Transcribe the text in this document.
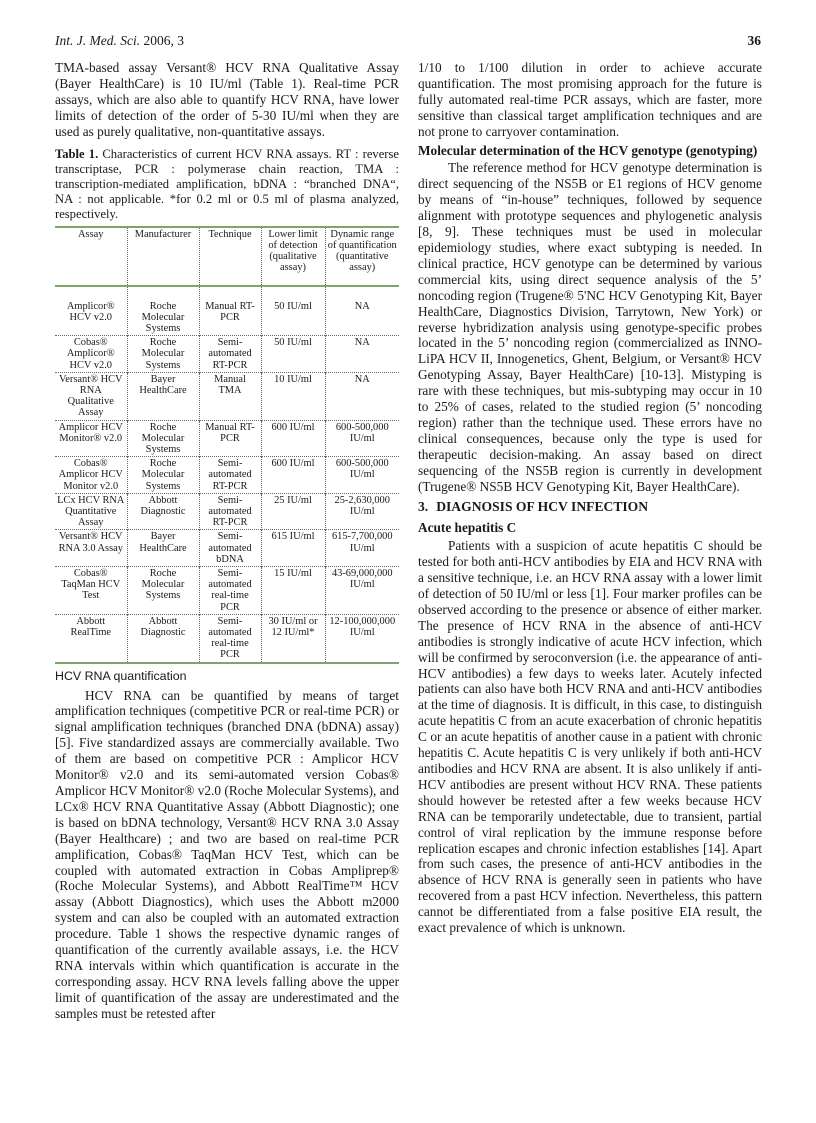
Int. J. Med. Sci. 2006, 3	36

TMA-based assay Versant® HCV RNA Qualitative Assay (Bayer HealthCare) is 10 IU/ml (Table 1). Real-time PCR assays, which are also able to quantify HCV RNA, have lower limits of detection of the order of 5-30 IU/ml when they are used as purely qualitative, non-quantitative assays.

Table 1. Characteristics of current HCV RNA assays. RT : reverse transcriptase, PCR : polymerase chain reaction, TMA : transcription-mediated amplification, bDNA : “branched DNA“, NA : not applicable. *for 0.2 ml or 0.5 ml of plasma analyzed, respectively.

Assay	Manufacturer	Technique	Lower limit of detection (qualitative assay)	Dynamic range of quantification (quantitative assay)
Amplicor® HCV v2.0	Roche Molecular Systems	Manual RT-PCR	50 IU/ml	NA
Cobas® Amplicor® HCV v2.0	Roche Molecular Systems	Semi-automated RT-PCR	50 IU/ml	NA
Versant® HCV RNA Qualitative Assay	Bayer HealthCare	Manual TMA	10 IU/ml	NA
Amplicor HCV Monitor® v2.0	Roche Molecular Systems	Manual RT-PCR	600 IU/ml	600-500,000 IU/ml
Cobas® Amplicor HCV Monitor v2.0	Roche Molecular Systems	Semi-automated RT-PCR	600 IU/ml	600-500,000 IU/ml
LCx HCV RNA Quantitative Assay	Abbott Diagnostic	Semi-automated RT-PCR	25 IU/ml	25-2,630,000 IU/ml
Versant® HCV RNA 3.0 Assay	Bayer HealthCare	Semi-automated bDNA	615 IU/ml	615-7,700,000 IU/ml
Cobas® TaqMan HCV Test	Roche Molecular Systems	Semi-automated real-time PCR	15 IU/ml	43-69,000,000 IU/ml
Abbott RealTime	Abbott Diagnostic	Semi-automated real-time PCR	30 IU/ml or 12 IU/ml*	12-100,000,000 IU/ml
HCV RNA quantification

HCV RNA can be quantified by means of target amplification techniques (competitive PCR or real-time PCR) or signal amplification techniques (branched DNA (bDNA) assay) [5]. Five standardized assays are commercially available. Two of them are based on competitive PCR : Amplicor HCV Monitor® v2.0 and its semi-automated version Cobas® Amplicor HCV Monitor® v2.0 (Roche Molecular Systems), and LCx® HCV RNA Quantitative Assay (Abbott Diagnostic); one is based on bDNA technology, Versant® HCV RNA 3.0 Assay (Bayer Healthcare) ; and two are based on real-time PCR amplification, Cobas® TaqMan HCV Test, which can be coupled with automated extraction in Cobas Ampliprep® (Roche Molecular Systems), and Abbott RealTime™ HCV assay (Abbott Diagnostics), which uses the Abbott m2000 system and can also be coupled with an automated extraction procedure. Table 1 shows the respective dynamic ranges of quantification of the currently available assays, i.e. the HCV RNA intervals within which quantification is accurate in the corresponding assay. HCV RNA levels falling above the upper limit of quantification of the assay are underestimated and the samples must be retested after

1/10 to 1/100 dilution in order to achieve accurate quantification. The most promising approach for the future is fully automated real-time PCR assays, which are faster, more sensitive than classical target amplification techniques and are not prone to carryover contamination.

Molecular determination of the HCV genotype (genotyping)

The reference method for HCV genotype determination is direct sequencing of the NS5B or E1 regions of HCV genome by means of “in-house” techniques, followed by sequence alignment with prototype sequences and phylogenetic analysis [8, 9]. These techniques must be used in molecular epidemiology studies, where exact subtyping is needed. In clinical practice, HCV genotype can be determined by various commercial kits, using direct sequence analysis of the 5’ noncoding region (Trugene® 5'NC HCV Genotyping Kit, Bayer HealthCare, Diagnostics Division, Tarrytown, New York) or reverse hybridization analysis using genotype-specific probes located in the 5’ noncoding region (commercialized as INNO-LiPA HCV II, Innogenetics, Ghent, Belgium, or Versant® HCV Genotyping Assay, Bayer HealthCare) [10-13]. Mistyping is rare with these techniques, but mis-subtyping may occur in 10 to 25% of cases, related to the studied region (5’ noncoding region) rather than the technique used. These errors have no clinical consequences, because only the type is used for therapeutic decision-making. An assay based on direct sequencing of the NS5B region is currently in development (Trugene® NS5B HCV Genotyping Kit, Bayer HealthCare).

3. DIAGNOSIS OF HCV INFECTION
Acute hepatitis C

Patients with a suspicion of acute hepatitis C should be tested for both anti-HCV antibodies by EIA and HCV RNA with a sensitive technique, i.e. an HCV RNA assay with a lower limit of detection of 50 IU/ml or less [1]. Four marker profiles can be observed according to the presence or absence of either marker. The presence of HCV RNA in the absence of anti-HCV antibodies is strongly indicative of acute HCV infection, which will be confirmed by seroconversion (i.e. the appearance of anti-HCV antibodies) a few days to weeks later. Acutely infected patients can also have both HCV RNA and anti-HCV antibodies at the time of diagnosis. It is difficult, in this case, to distinguish acute hepatitis C from an acute exacerbation of chronic hepatitis C or an acute hepatitis of another cause in a patient with chronic hepatitis C. Acute hepatitis C is very unlikely if both anti-HCV antibodies and HCV RNA are absent. It is also unlikely if anti-HCV antibodies are present without HCV RNA. These patients should however be retested after a few weeks because HCV RNA can be temporarily undetectable, due to transient, partial control of viral replication by the immune response before replication escapes and chronic infection establishes [14]. Apart from such cases, the presence of anti-HCV antibodies in the absence of HCV RNA is generally seen in patients who have recovered from a past HCV infection. Nevertheless, this pattern cannot be differentiated from a false positive EIA result, the exact prevalence of which is unknown.
